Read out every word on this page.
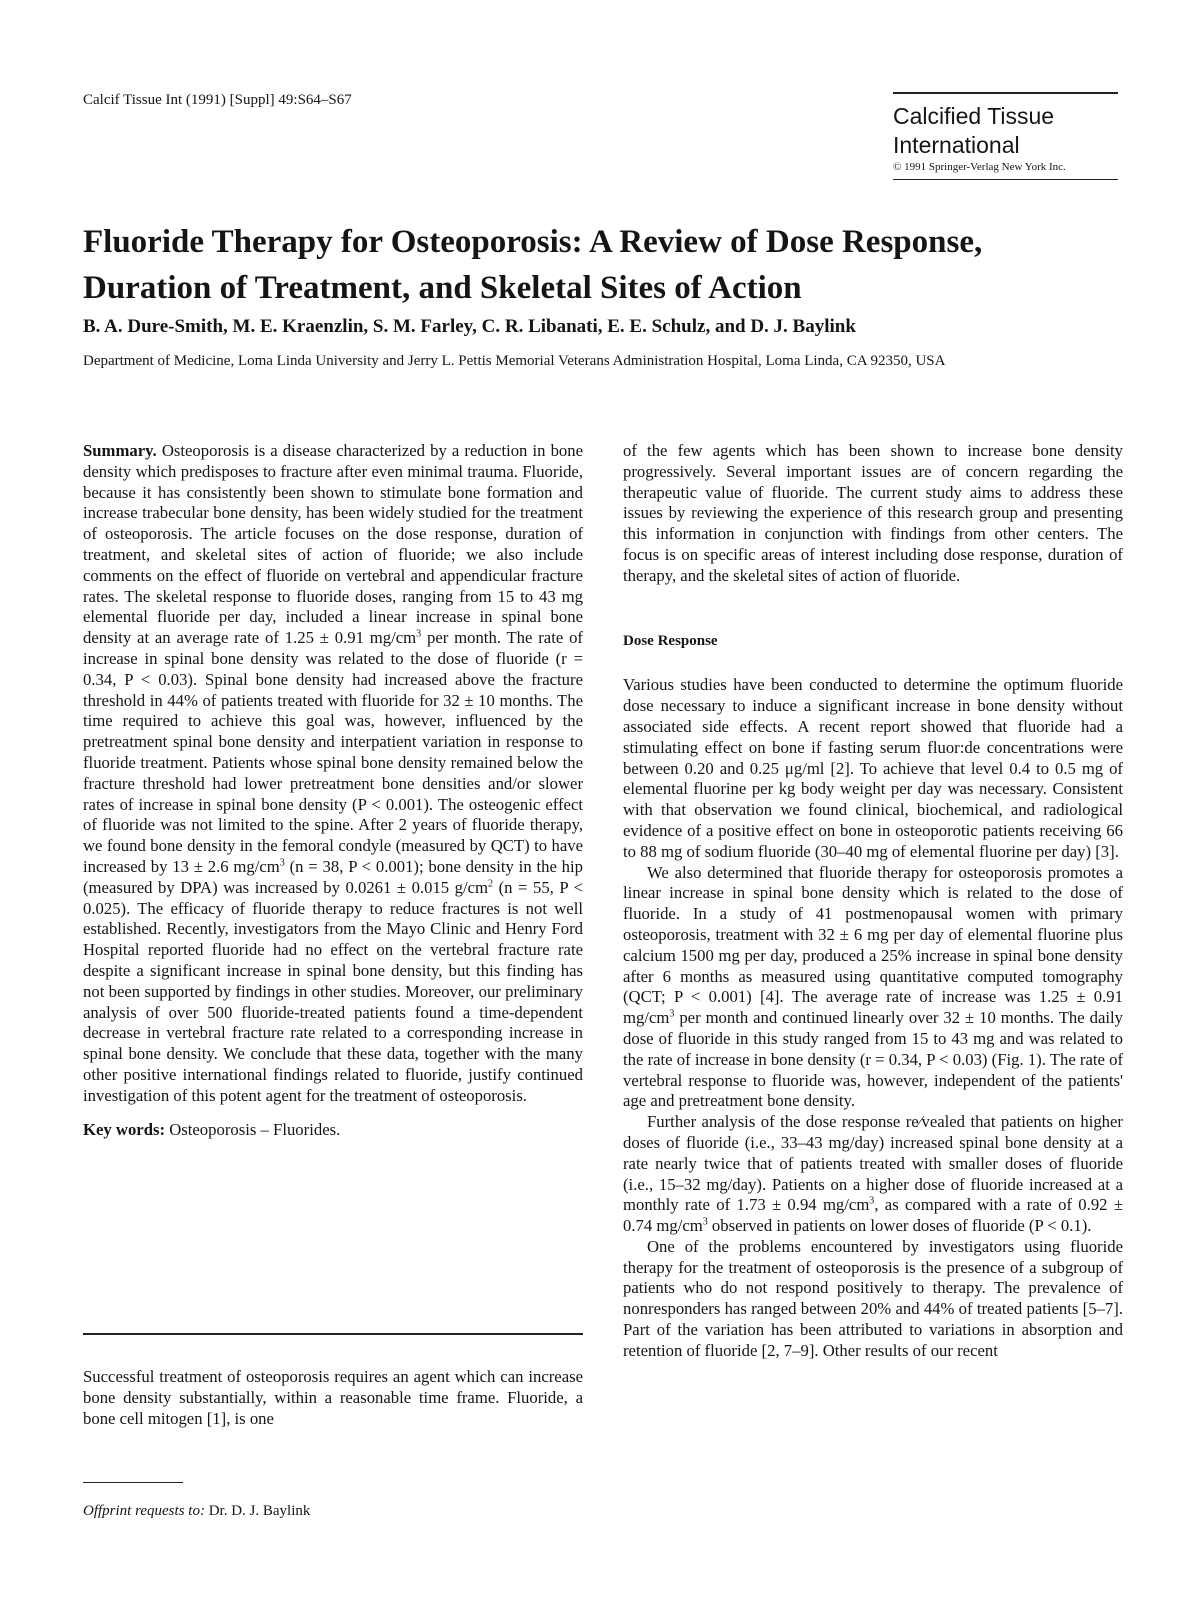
Calcif Tissue Int (1991) [Suppl] 49:S64–S67
Calcified Tissue International
© 1991 Springer-Verlag New York Inc.
Fluoride Therapy for Osteoporosis: A Review of Dose Response,
Duration of Treatment, and Skeletal Sites of Action
B. A. Dure-Smith, M. E. Kraenzlin, S. M. Farley, C. R. Libanati, E. E. Schulz, and D. J. Baylink
Department of Medicine, Loma Linda University and Jerry L. Pettis Memorial Veterans Administration Hospital, Loma Linda, CA 92350, USA

Summary. Osteoporosis is a disease characterized by a reduction in bone density which predisposes to fracture after even minimal trauma. Fluoride, because it has consistently been shown to stimulate bone formation and increase trabecular bone density, has been widely studied for the treatment of osteoporosis. The article focuses on the dose response, duration of treatment, and skeletal sites of action of fluoride; we also include comments on the effect of fluoride on vertebral and appendicular fracture rates. The skeletal response to fluoride doses, ranging from 15 to 43 mg elemental fluoride per day, included a linear increase in spinal bone density at an average rate of 1.25 ± 0.91 $mg/cm^3$ per month. The rate of increase in spinal bone density was related to the dose of fluoride (r = 0.34, P < 0.03). Spinal bone density had increased above the fracture threshold in 44% of patients treated with fluoride for 32 ± 10 months. The time required to achieve this goal was, however, influenced by the pretreatment spinal bone density and interpatient variation in response to fluoride treatment. Patients whose spinal bone density remained below the fracture threshold had lower pretreatment bone densities and/or slower rates of increase in spinal bone density (P < 0.001). The osteogenic effect of fluoride was not limited to the spine. After 2 years of fluoride therapy, we found bone density in the femoral condyle (measured by QCT) to have increased by 13 ± 2.6 $mg/cm^3$ (n = 38, P < 0.001); bone density in the hip (measured by DPA) was increased by 0.0261 ± 0.015 $g/cm^2$ (n = 55, P < 0.025). The efficacy of fluoride therapy to reduce fractures is not well established. Recently, investigators from the Mayo Clinic and Henry Ford Hospital reported fluoride had no effect on the vertebral fracture rate despite a significant increase in spinal bone density, but this finding has not been supported by findings in other studies. Moreover, our preliminary analysis of over 500 fluoride-treated patients found a time-dependent decrease in vertebral fracture rate related to a corresponding increase in spinal bone density. We conclude that these data, together with the many other positive international findings related to fluoride, justify continued investigation of this potent agent for the treatment of osteoporosis.

Key words: Osteoporosis – Fluorides.

Successful treatment of osteoporosis requires an agent which can increase bone density substantially, within a reasonable time frame. Fluoride, a bone cell mitogen [1], is one

Offprint requests to: Dr. D. J. Baylink

of the few agents which has been shown to increase bone density progressively. Several important issues are of concern regarding the therapeutic value of fluoride. The current study aims to address these issues by reviewing the experience of this research group and presenting this information in conjunction with findings from other centers. The focus is on specific areas of interest including dose response, duration of therapy, and the skeletal sites of action of fluoride.

Dose Response

Various studies have been conducted to determine the optimum fluoride dose necessary to induce a significant increase in bone density without associated side effects. A recent report showed that fluoride had a stimulating effect on bone if fasting serum fluor:de concentrations were between 0.20 and 0.25 μg/ml [2]. To achieve that level 0.4 to 0.5 mg of elemental fluorine per kg body weight per day was necessary. Consistent with that observation we found clinical, biochemical, and radiological evidence of a positive effect on bone in osteoporotic patients receiving 66 to 88 mg of sodium fluoride (30–40 mg of elemental fluorine per day) [3].

We also determined that fluoride therapy for osteoporosis promotes a linear increase in spinal bone density which is related to the dose of fluoride. In a study of 41 postmenopausal women with primary osteoporosis, treatment with 32 ± 6 mg per day of elemental fluorine plus calcium 1500 mg per day, produced a 25% increase in spinal bone density after 6 months as measured using quantitative computed tomography (QCT; P < 0.001) [4]. The average rate of increase was 1.25 ± 0.91 $mg/cm^3$ per month and continued linearly over 32 ± 10 months. The daily dose of fluoride in this study ranged from 15 to 43 mg and was related to the rate of increase in bone density (r = 0.34, P < 0.03) (Fig. 1). The rate of vertebral response to fluoride was, however, independent of the patients' age and pretreatment bone density.

Further analysis of the dose response re⁄vealed that patients on higher doses of fluoride (i.e., 33–43 mg/day) increased spinal bone density at a rate nearly twice that of patients treated with smaller doses of fluoride (i.e., 15–32 mg/day). Patients on a higher dose of fluoride increased at a monthly rate of 1.73 ± 0.94 $mg/cm^3$, as compared with a rate of 0.92 ± 0.74 $mg/cm^3$ observed in patients on lower doses of fluoride (P < 0.1).

One of the problems encountered by investigators using fluoride therapy for the treatment of osteoporosis is the presence of a subgroup of patients who do not respond positively to therapy. The prevalence of nonresponders has ranged between 20% and 44% of treated patients [5–7]. Part of the variation has been attributed to variations in absorption and retention of fluoride [2, 7–9]. Other results of our recent
